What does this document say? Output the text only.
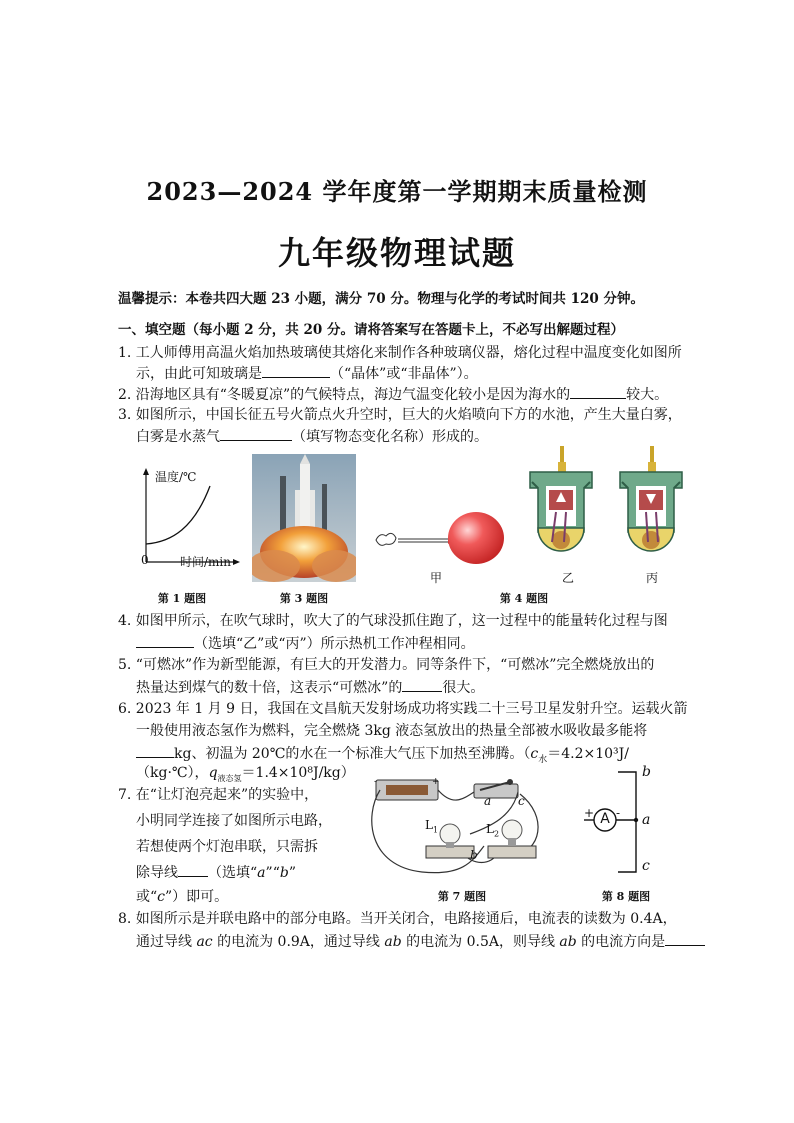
2023—2024 学年度第一学期期末质量检测
九年级物理试题
温馨提示：本卷共四大题 23 小题，满分 70 分。物理与化学的考试时间共 120 分钟。
一、填空题（每小题 2 分，共 20 分。请将答案写在答题卡上，不必写出解题过程）
1. 工人师傅用高温火焰加热玻璃使其熔化来制作各种玻璃仪器，熔化过程中温度变化如图所
示，由此可知玻璃是	（“晶体”或“非晶体”）。
2. 沿海地区具有“冬暖夏凉”的气候特点，海边气温变化较小是因为海水的	较大。
3. 如图所示，中国长征五号火箭点火升空时，巨大的火焰喷向下方的水池，产生大量白雾，
白雾是水蒸气	（填写物态变化名称）形成的。
温度/℃
0	时间/min
第 1 题图	第 3 题图
甲	乙	丙
第 4 题图
4. 如图甲所示，在吹气球时，吹大了的气球没抓住跑了，这一过程中的能量转化过程与图
（选填“乙”或“丙”）所示热机工作冲程相同。
5. “可燃冰”作为新型能源，有巨大的开发潜力。同等条件下，“可燃冰”完全燃烧放出的
热量达到煤气的数十倍，这表示“可燃冰”的	很大。
6. 2023 年 1 月 9 日，我国在文昌航天发射场成功将实践二十三号卫星发射升空。运载火箭
一般使用液态氢作为燃料，完全燃烧 3kg 液态氢放出的热量全部被水吸收最多能将
kg、初温为 20℃的水在一个标准大气压下加热至沸腾。（$c_水=4.2\times 10^3J/$
（kg·℃），$q_{液态氢}=1.4\times 10^8J/kg$）
7. 在“让灯泡亮起来”的实验中，
小明同学连接了如图所示电路，
若想使两个灯泡串联，只需拆
除导线 （选填“a”“b”
或“c”）即可。
-	+
$L_1$	$L_2$
a c
b
第 7 题图
A
+ -
b
a
c
第 8 题图
8. 如图所示是并联电路中的部分电路。当开关闭合，电路接通后，电流表的读数为 0.4A，
通过导线 ac 的电流为 0.9A，通过导线 ab 的电流为 0.5A，则导线 ab 的电流方向是
